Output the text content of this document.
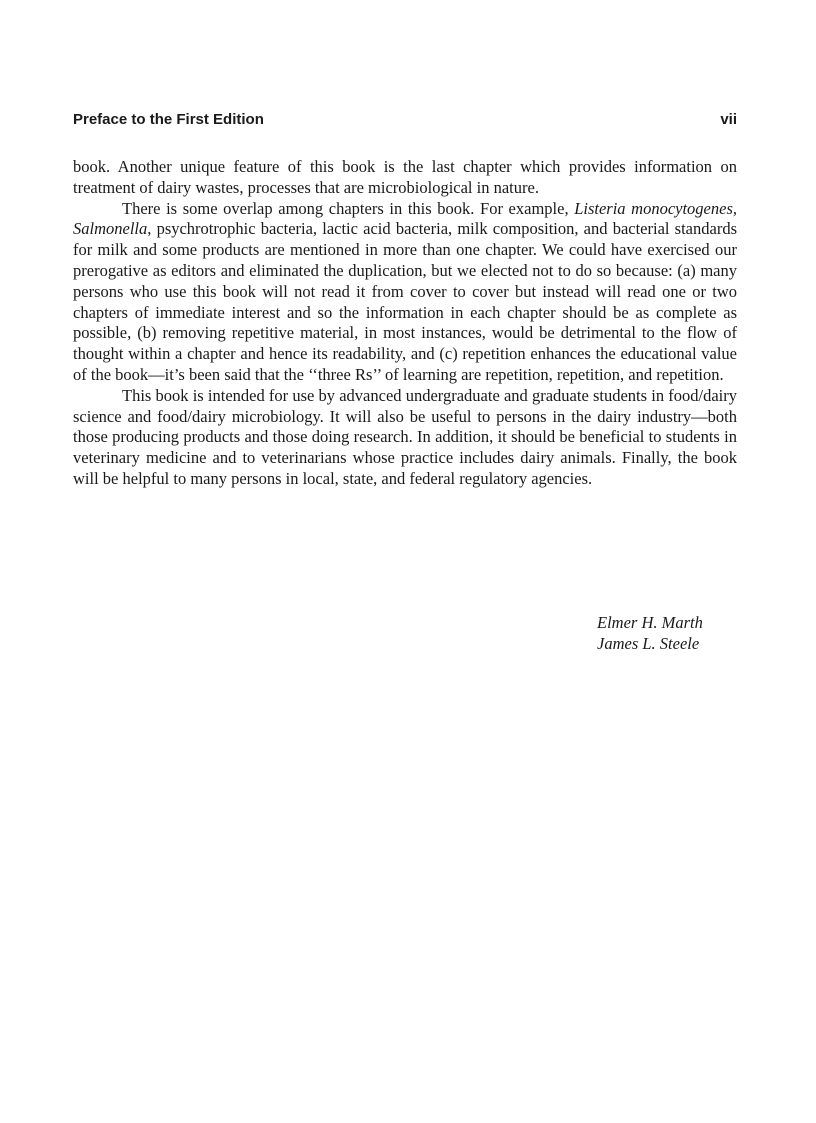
Preface to the First Edition	vii

book. Another unique feature of this book is the last chapter which provides information on treatment of dairy wastes, processes that are microbiological in nature.

There is some overlap among chapters in this book. For example, Listeria monocytogenes, Salmonella, psychrotrophic bacteria, lactic acid bacteria, milk composition, and bacterial standards for milk and some products are mentioned in more than one chapter. We could have exercised our prerogative as editors and eliminated the duplication, but we elected not to do so because: (a) many persons who use this book will not read it from cover to cover but instead will read one or two chapters of immediate interest and so the information in each chapter should be as complete as possible, (b) removing repetitive material, in most instances, would be detrimental to the flow of thought within a chapter and hence its readability, and (c) repetition enhances the educational value of the book—it’s been said that the ‘‘three Rs’’ of learning are repetition, repetition, and repetition.

This book is intended for use by advanced undergraduate and graduate students in food/dairy science and food/dairy microbiology. It will also be useful to persons in the dairy industry—both those producing products and those doing research. In addition, it should be beneficial to students in veterinary medicine and to veterinarians whose practice includes dairy animals. Finally, the book will be helpful to many persons in local, state, and federal regulatory agencies.

Elmer H. Marth
James L. Steele
